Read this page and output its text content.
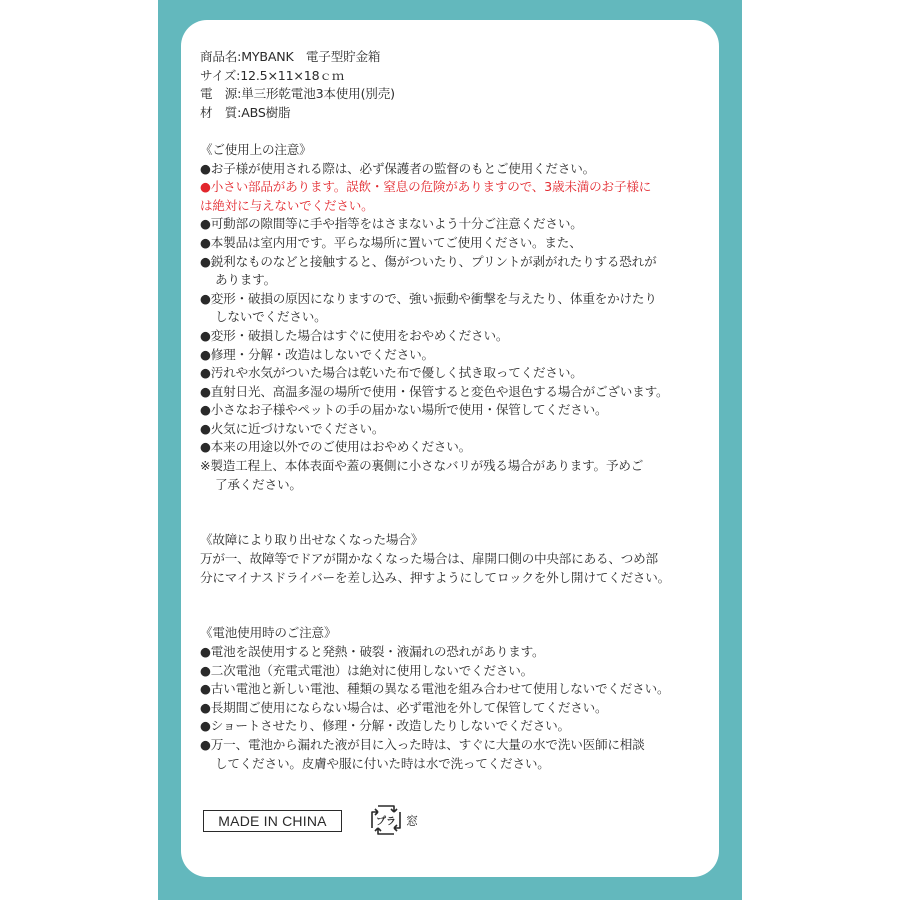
商品名:MYBANK　電子型貯金箱
サイズ:12.5×11×18ｃｍ
電　源:単三形乾電池3本使用(別売)
材　質:ABS樹脂
《ご使用上の注意》
●お子様が使用される際は、必ず保護者の監督のもとご使用ください。
●小さい部品があります。誤飲・窒息の危険がありますので、3歳未満のお子様に
は絶対に与えないでください。
●可動部の隙間等に手や指等をはさまないよう十分ご注意ください。
●本製品は室内用です。平らな場所に置いてご使用ください。また、
●鋭利なものなどと接触すると、傷がついたり、プリントが剥がれたりする恐れが
あります。
●変形・破損の原因になりますので、強い振動や衝撃を与えたり、体重をかけたり
しないでください。
●変形・破損した場合はすぐに使用をおやめください。
●修理・分解・改造はしないでください。
●汚れや水気がついた場合は乾いた布で優しく拭き取ってください。
●直射日光、高温多湿の場所で使用・保管すると変色や退色する場合がございます。
●小さなお子様やペットの手の届かない場所で使用・保管してください。
●火気に近づけないでください。
●本来の用途以外でのご使用はおやめください。
※製造工程上、本体表面や蓋の裏側に小さなバリが残る場合があります。予めご
了承ください。
《故障により取り出せなくなった場合》
万が一、故障等でドアが開かなくなった場合は、扉開口側の中央部にある、つめ部
分にマイナスドライバーを差し込み、押すようにしてロックを外し開けてください。
《電池使用時のご注意》
●電池を誤使用すると発熱・破裂・液漏れの恐れがあります。
●二次電池（充電式電池）は絶対に使用しないでください。
●古い電池と新しい電池、種類の異なる電池を組み合わせて使用しないでください。
●長期間ご使用にならない場合は、必ず電池を外して保管してください。
●ショートさせたり、修理・分解・改造したりしないでください。
●万一、電池から漏れた液が目に入った時は、すぐに大量の水で洗い医師に相談
してください。皮膚や服に付いた時は水で洗ってください。
MADE IN CHINA	プラ 窓
